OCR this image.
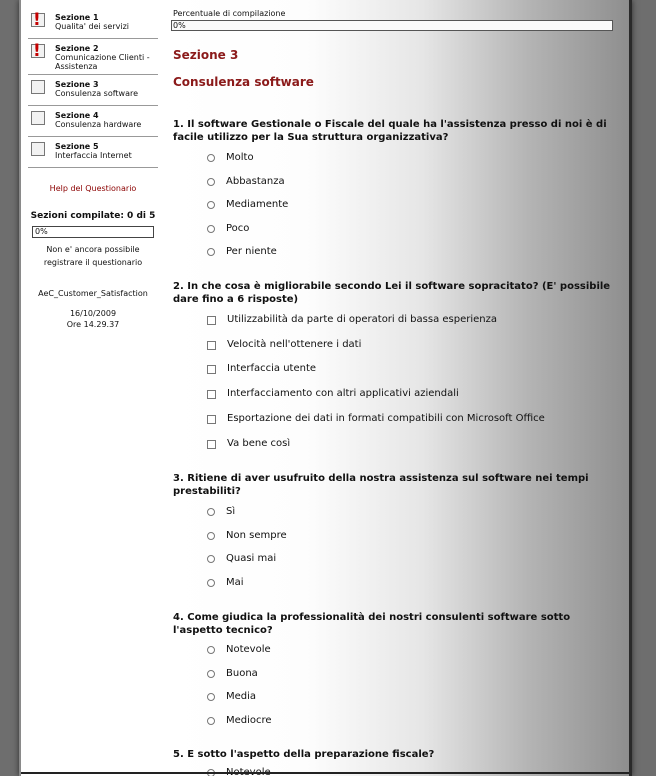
!
Sezione 1
Qualita' dei servizi
!
Sezione 2
Comunicazione Clienti - Assistenza
Sezione 3
Consulenza software
Sezione 4
Consulenza hardware
Sezione 5
Interfaccia Internet
Help del Questionario
Sezioni compilate: 0 di 5
0%
Non e' ancora possibile
registrare il questionario
AeC_Customer_Satisfaction
16/10/2009
Ore 14.29.37
Percentuale di compilazione
0%
Sezione 3
Consulenza software
1. Il software Gestionale o Fiscale del quale ha l'assistenza presso di noi è di facile utilizzo per la Sua struttura organizzativa?
Molto
Abbastanza
Mediamente
Poco
Per niente
2. In che cosa è migliorabile secondo Lei il software sopracitato? (E' possibile dare fino a 6 risposte)
Utilizzabilità da parte di operatori di bassa esperienza
Velocità nell'ottenere i dati
Interfaccia utente
Interfacciamento con altri applicativi aziendali
Esportazione dei dati in formati compatibili con Microsoft Office
Va bene così
3. Ritiene di aver usufruito della nostra assistenza sul software nei tempi prestabiliti?
Sì
Non sempre
Quasi mai
Mai
4. Come giudica la professionalità dei nostri consulenti software sotto l'aspetto tecnico?
Notevole
Buona
Media
Mediocre
5. E sotto l'aspetto della preparazione fiscale?
